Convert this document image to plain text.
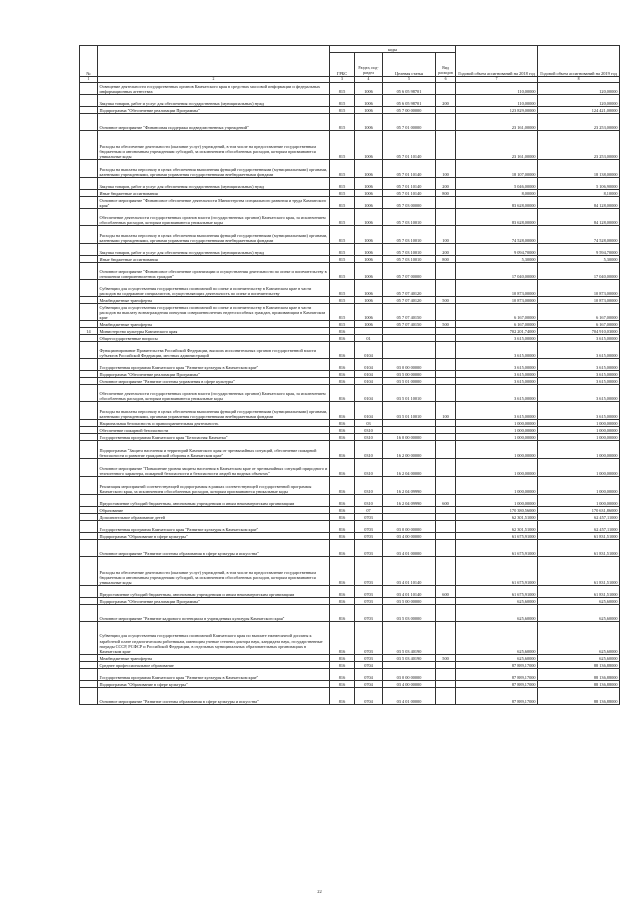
№		коды				Годовой объем ассигнований на 2018 год	Годовой объем ассигнований на 2019 год
		ГРБС	Раздел, под-раздел	Целевая статья	Вид расходов		
1	2	3	4	5	6	7	8
	Освещение деятельности государственных органов Камчатского края в средствах массовой информации и федеральных информационных агентствах	815	1006	05 6 05 98701		110,00000	120,00000
	Закупка товаров, работ и услуг для обеспечения государственных (муниципальных) нужд	815	1006	05 6 05 98701	200	110,00000	120,00000
	Подпрограмма "Обеспечение реализации Программы"	815	1006	05 7 00 00000		123 829,00000	124 421,00000
	Основное мероприятие "Финансовая поддержка подведомственных учреждений"	815	1006	05 7 01 00000		23 161,00000	23 253,00000
	Расходы на обеспечение деятельности (оказание услуг) учреждений, в том числе на предоставление государственным бюджетным и автономным учреждениям субсидий, за исключением обособленных расходов, которым присваиваются уникальные коды	815	1006	05 7 01 10140		23 161,00000	23 253,00000
	Расходы на выплаты персоналу в целях обеспечения выполнения функций государственными (муниципальными) органами, казенными учреждениями, органами управления государственными внебюджетными фондами	815	1006	05 7 01 10140	100	18 107,00000	18 138,00000
	Закупка товаров, работ и услуг для обеспечения государственных (муниципальных) нужд	815	1006	05 7 01 10140	200	5 046,00000	5 106,90000
	Иные бюджетные ассигнования	815	1006	05 7 01 10140	800	8,00000	8,10000
	Основное мероприятие "Финансовое обеспечение деятельности Министерства специального развития и труда Камчатского края"	815	1006	05 7 03 00000		83 628,00000	84 128,00000
	Обеспечение деятельности государственных органов власти (государственных органов) Камчатского края, за исключением обособленных расходов, которым присваиваются уникальные коды	815	1006	05 7 03 10010		83 628,00000	84 128,00000
	Расходы на выплаты персоналу в целях обеспечения выполнения функций государственными (муниципальными) органами, казенными учреждениями, органами управления государственными внебюджетными фондами	815	1006	05 7 03 10010	100	74 528,00000	74 528,00000
	Закупка товаров, работ и услуг для обеспечения государственных (муниципальных) нужд	815	1006	05 7 03 10010	200	9 094,70000	9 594,70000
	Иные бюджетные ассигнования	815	1006	05 7 03 10010	800	5,30000	5,30000
	Основное мероприятие "Финансовое обеспечение организации и осуществления деятельности по опеке и попечительству в отношении совершеннолетних граждан"	815	1006	05 7 07 00000		17 040,00000	17 040,00000
	Субвенции для осуществления государственных полномочий по опеке и попечительству в Камчатском крае в части расходов на содержание специалистов, осуществляющих деятельность по опеке и попечительству	815	1006	05 7 07 40120		10 873,00000	10 873,00000
	Межбюджетные трансферты	815	1006	05 7 07 40120	500	10 873,00000	10 873,00000
	Субвенции для осуществления государственных полномочий по опеке и попечительству в Камчатском крае в части расходов на выплату вознаграждения опекунам совершеннолетних недееспособных граждан, проживающим в Камчатском крае	815	1006	05 7 07 40150		6 167,00000	6 167,00000
	Межбюджетные трансферты	815	1006	05 7 07 40150	500	6 167,00000	6 167,00000
14	Министерство культуры Камчатского края	816				702 201,74000	704 910,03000
	Общегосударственные вопросы	816	01			3 615,00000	3 615,00000
	Функционирование Правительства Российской Федерации, высших исполнительных органов государственной власти субъектов Российской Федерации, местных администраций	816	0104			3 615,00000	3 615,00000
	Государственная программа Камчатского края "Развитие культуры в Камчатском крае"	816	0104	03 0 00 00000		3 615,00000	3 615,00000
	Подпрограмма "Обеспечение реализации Программы"	816	0104	03 5 00 00000		3 615,00000	3 615,00000
	Основное мероприятие "Развитие системы управления в сфере культуры"	816	0104	03 5 01 00000		3 615,00000	3 615,00000
	Обеспечение деятельности государственных органов власти (государственных органов) Камчатского края, за исключением обособленных расходов, которым присваиваются уникальные коды	816	0104	03 5 01 10010		3 615,00000	3 615,00000
	Расходы на выплаты персоналу в целях обеспечения выполнения функций государственными (муниципальными) органами, казенными учреждениями, органами управления государственными внебюджетными фондами	816	0104	03 5 01 10010	100	3 615,00000	3 615,00000
	Национальная безопасность и правоохранительная деятельность	816	03			1 000,00000	1 000,00000
	Обеспечение пожарной безопасности	816	0310			1 000,00000	1 000,00000
	Государственная программа Камчатского края "Безопасная Камчатка"	816	0310	16 0 00 00000		1 000,00000	1 000,00000
	Подпрограмма "Защита населения и территорий Камчатского края от чрезвычайных ситуаций, обеспечение пожарной безопасности и развитие гражданской обороны в Камчатском крае"	816	0310	16 2 00 00000		1 000,00000	1 000,00000
	Основное мероприятие "Повышение уровня защиты населения в Камчатском крае от чрезвычайных ситуаций природного и техногенного характера, пожарной безопасности и безопасности людей на водных объектах"	816	0310	16 2 04 00000		1 000,00000	1 000,00000
	Реализация мероприятий соответствующей подпрограммы в рамках соответствующей государственной программы Камчатского края, за исключением обособленных расходов, которым присваиваются уникальные коды	816	0310	16 2 04 09990		1 000,00000	1 000,00000
	Предоставление субсидий бюджетным, автономным учреждениям и иным некоммерческим организациям	816	0310	16 2 04 09990	600	1 000,00000	1 000,00000
	Образование	816	07			170 380,56000	170 631,86000
	Дополнительное образование детей	816	0703			62 301,51000	62 457,11000
	Государственная программа Камчатского края "Развитие культуры в Камчатском крае"	816	0703	03 0 00 00000		62 301,51000	62 457,11000
	Подпрограмма "Образование в сфере культуры"	816	0703	03 4 00 00000		61 675,91000	61 831,51000
	Основное мероприятие "Развитие системы образования в сфере культуры и искусства"	816	0703	03 4 01 00000		61 675,91000	61 831,51000
	Расходы на обеспечение деятельности (оказание услуг) учреждений, в том числе на предоставление государственным бюджетным и автономным учреждениям субсидий, за исключением обособленных расходов, которым присваиваются уникальные коды	816	0703	03 4 01 10140		61 675,91000	61 831,51000
	Предоставление субсидий бюджетным, автономным учреждениям и иным некоммерческим организациям	816	0703	03 4 01 10140	600	61 675,91000	61 831,51000
	Подпрограмма "Обеспечение реализации Программы"	816	0703	03 5 00 00000		625,60000	625,60000
	Основное мероприятие "Развитие кадрового потенциала в учреждениях культуры Камчатского края"	816	0703	03 5 03 00000		625,60000	625,60000
	Субвенции для осуществления государственных полномочий Камчатского края по выплате ежемесячной доплаты к заработной плате педагогическим работникам, имеющим ученые степени доктора наук, кандидата наук, государственные награды СССР, РСФСР и Российской Федерации, в отдельных муниципальных образовательных организациях в Камчатском крае	816	0703	03 5 03 40190		625,60000	625,60000
	Межбюджетные трансферты	816	0703	03 5 03 40190	500	625,60000	625,60000
	Среднее профессиональное образование	816	0704			87 889,17000	88 136,88000
	Государственная программа Камчатского края "Развитие культуры в Камчатском крае"	816	0704	03 0 00 00000		87 889,17000	88 136,88000
	Подпрограмма "Образование в сфере культуры"	816	0704	03 4 00 00000		87 889,17000	88 136,88000
	Основное мероприятие "Развитие системы образования в сфере культуры и искусства"	816	0704	03 4 01 00000		87 889,17000	88 136,88000
22
